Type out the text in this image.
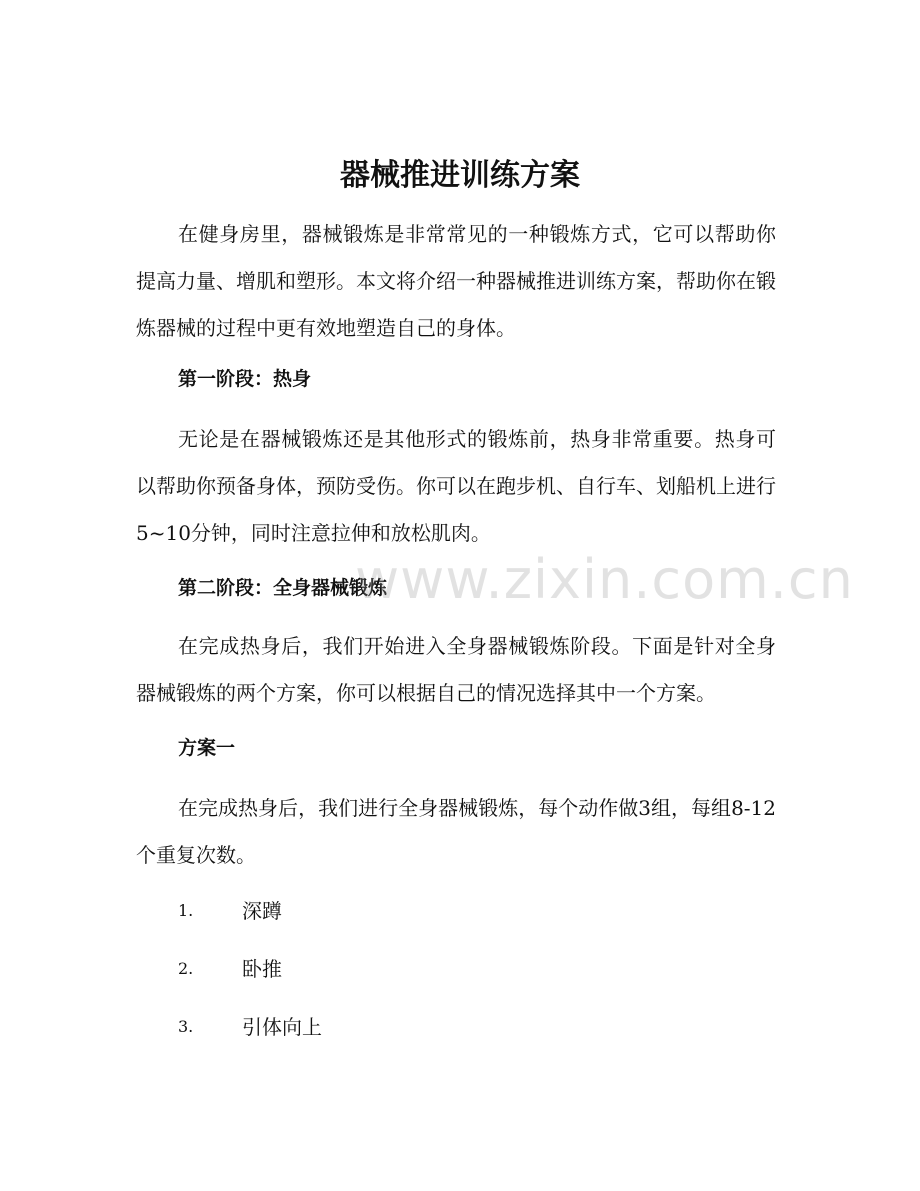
器械推进训练方案

在健身房里，器械锻炼是非常常见的一种锻炼方式，它可以帮助你提高力量、增肌和塑形。本文将介绍一种器械推进训练方案，帮助你在锻炼器械的过程中更有效地塑造自己的身体。

第一阶段：热身

无论是在器械锻炼还是其他形式的锻炼前，热身非常重要。热身可以帮助你预备身体，预防受伤。你可以在跑步机、自行车、划船机上进行5~10分钟，同时注意拉伸和放松肌肉。

第二阶段：全身器械锻炼

在完成热身后，我们开始进入全身器械锻炼阶段。下面是针对全身器械锻炼的两个方案，你可以根据自己的情况选择其中一个方案。

方案一

在完成热身后，我们进行全身器械锻炼，每个动作做3组，每组8-12个重复次数。

1. 深蹲
2. 卧推
3. 引体向上
www.zixin.com.cn
